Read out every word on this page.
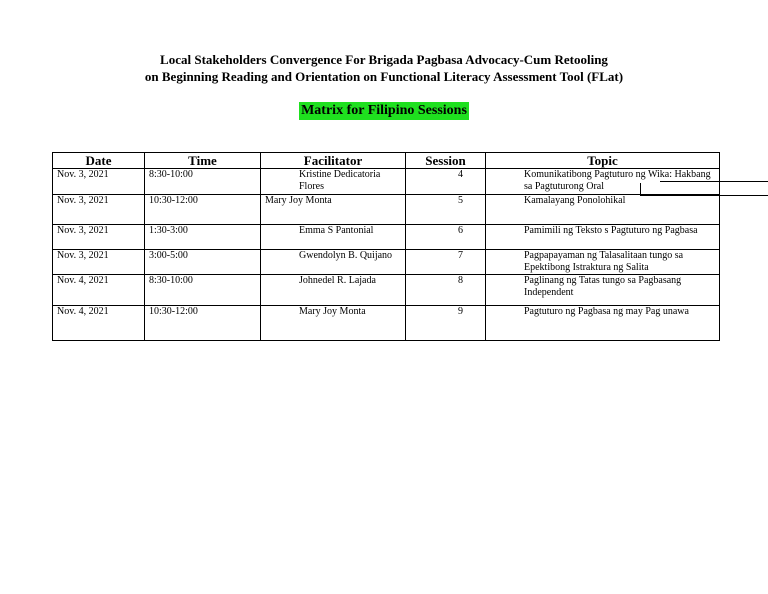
Local Stakeholders Convergence For Brigada Pagbasa Advocacy-Cum Retooling
on Beginning Reading and Orientation on Functional Literacy Assessment Tool (FLat)
Matrix for Filipino Sessions
Date	Time	Facilitator	Session	Topic
Nov. 3, 2021	8:30-10:00	Kristine Dedicatoria Flores	4	Komunikatibong Pagtuturo ng Wika: Hakbang sa Pagtuturong Oral
Nov. 3, 2021	10:30-12:00	Mary Joy Monta	5	Kamalayang Ponolohikal
Nov. 3, 2021	1:30-3:00	Emma S Pantonial	6	Pamimili ng Teksto s Pagtuturo ng Pagbasa
Nov. 3, 2021	3:00-5:00	Gwendolyn B. Quijano	7	Pagpapayaman ng Talasalitaan tungo sa Epektibong Istraktura ng Salita
Nov. 4, 2021	8:30-10:00	Johnedel R. Lajada	8	Paglinang ng Tatas tungo sa Pagbasang Independent
Nov. 4, 2021	10:30-12:00	Mary Joy Monta	9	Pagtuturo ng Pagbasa ng may Pag unawa
